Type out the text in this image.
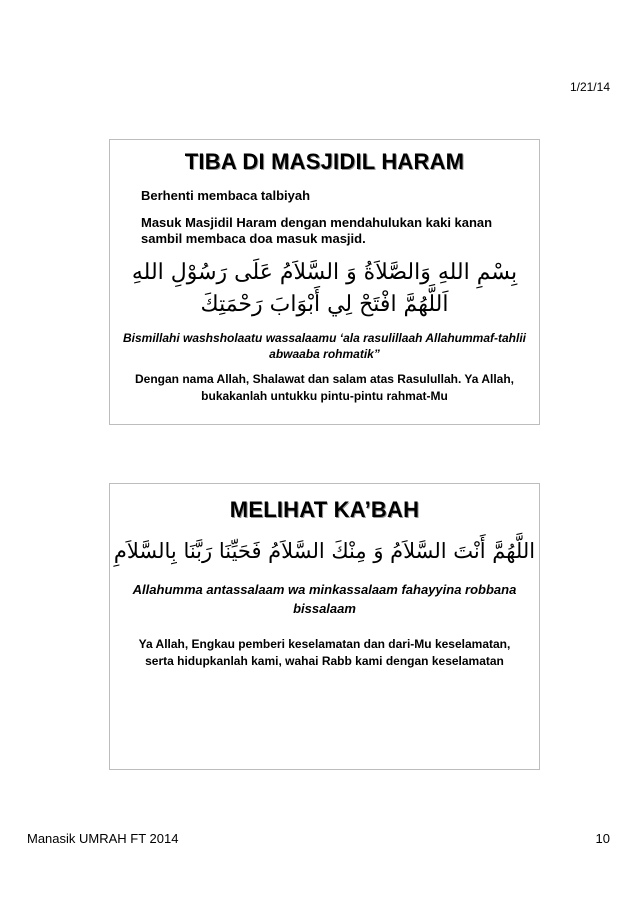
1/21/14
TIBA DI MASJIDIL HARAM
Berhenti membaca talbiyah
Masuk Masjidil Haram dengan mendahulukan kaki kanan sambil membaca doa masuk masjid.
بِسْمِ اللهِ وَالصَّلاَةُ وَ السَّلاَمُ عَلَى رَسُوْلِ اللهِ
اَللَّهُمَّ افْتَحْ لِي أَبْوَابَ رَحْمَتِكَ
Bismillahi washsholaatu wassalaamu ‘ala rasulillaah Allahummaf-tahlii abwaaba rohmatik”
Dengan nama Allah, Shalawat dan salam atas Rasulullah. Ya Allah, bukakanlah untukku pintu-pintu rahmat-Mu
MELIHAT KA’BAH
اللَّهُمَّ أَنْتَ السَّلاَمُ وَ مِنْكَ السَّلاَمُ فَحَيِّنَا رَبَّنَا بِالسَّلاَمِ
Allahumma antassalaam wa minkassalaam fahayyina robbana bissalaam
Ya Allah, Engkau pemberi keselamatan dan dari-Mu keselamatan, serta hidupkanlah kami, wahai Rabb kami dengan keselamatan
Manasik UMRAH FT 2014	10
